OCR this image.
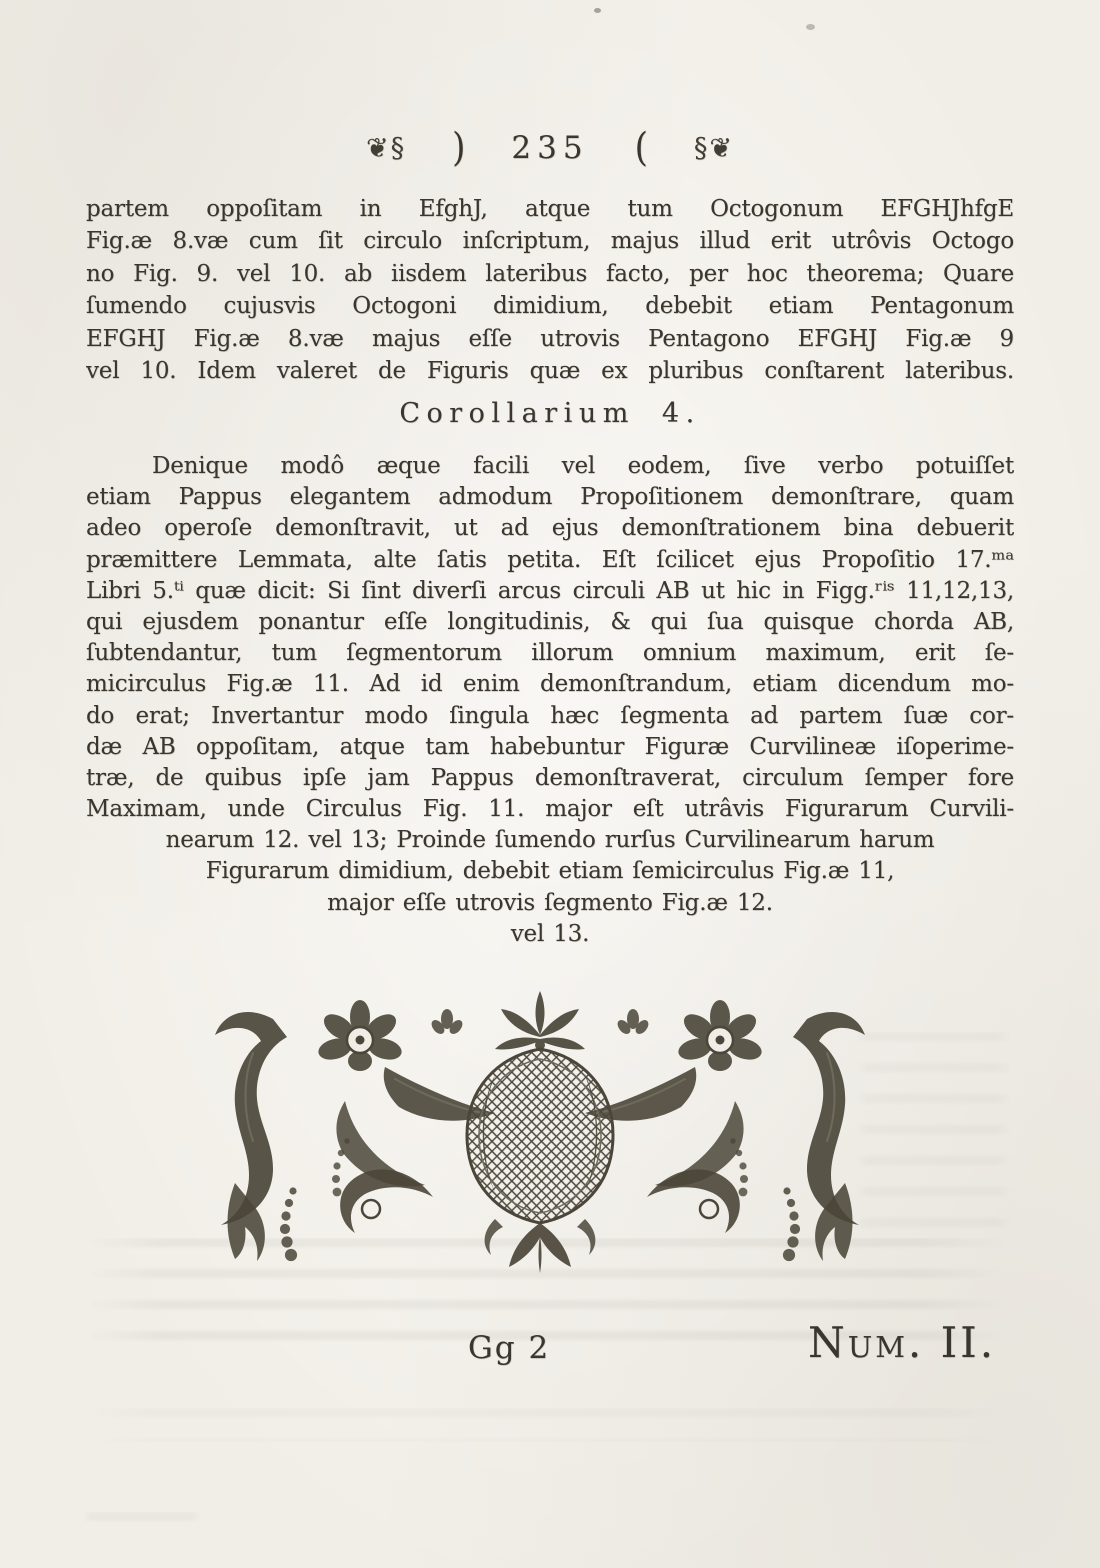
❦§ ) 235 ( §❦
partem oppoſitam in EfghJ, atque tum Octogonum EFGHJhfgE
Fig.æ 8.væ cum ſit circulo inſcriptum, majus illud erit utrôvis Octogo
no Fig. 9. vel 10. ab iisdem lateribus facto, per hoc theorema; Quare
ſumendo cujusvis Octogoni dimidium, debebit etiam Pentagonum
EFGHJ Fig.æ 8.væ majus eſſe utrovis Pentagono EFGHJ Fig.æ 9
vel 10. Idem valeret de Figuris quæ ex pluribus conſtarent lateribus.
Corollarium 4.
Denique modô æque facili vel eodem, ſive verbo potuiſſet
etiam Pappus elegantem admodum Propoſitionem demonſtrare, quam
adeo operoſe demonſtravit, ut ad ejus demonſtrationem bina debuerit
præmittere Lemmata, alte ſatis petita. Eſt ſcilicet ejus Propoſitio 17.ᵐᵃ
Libri 5.ᵗⁱ quæ dicit: Si ſint diverſi arcus circuli AB ut hic in Figg.ʳⁱˢ 11,12,13,
qui ejusdem ponantur eſſe longitudinis, & qui ſua quisque chorda AB,
ſubtendantur, tum ſegmentorum illorum omnium maximum, erit ſe-
micirculus Fig.æ 11. Ad id enim demonſtrandum, etiam dicendum mo-
do erat; Invertantur modo ſingula hæc ſegmenta ad partem ſuæ cor-
dæ AB oppoſitam, atque tam habebuntur Figuræ Curvilineæ iſoperime-
træ, de quibus ipſe jam Pappus demonſtraverat, circulum ſemper fore
Maximam, unde Circulus Fig. 11. major eſt utrâvis Figurarum Curvili-
nearum 12. vel 13; Proinde ſumendo rurſus Curvilinearum harum
Figurarum dimidium, debebit etiam ſemicirculus Fig.æ 11,
major eſſe utrovis ſegmento Fig.æ 12.
vel 13.
Gg 2	Num. II.
